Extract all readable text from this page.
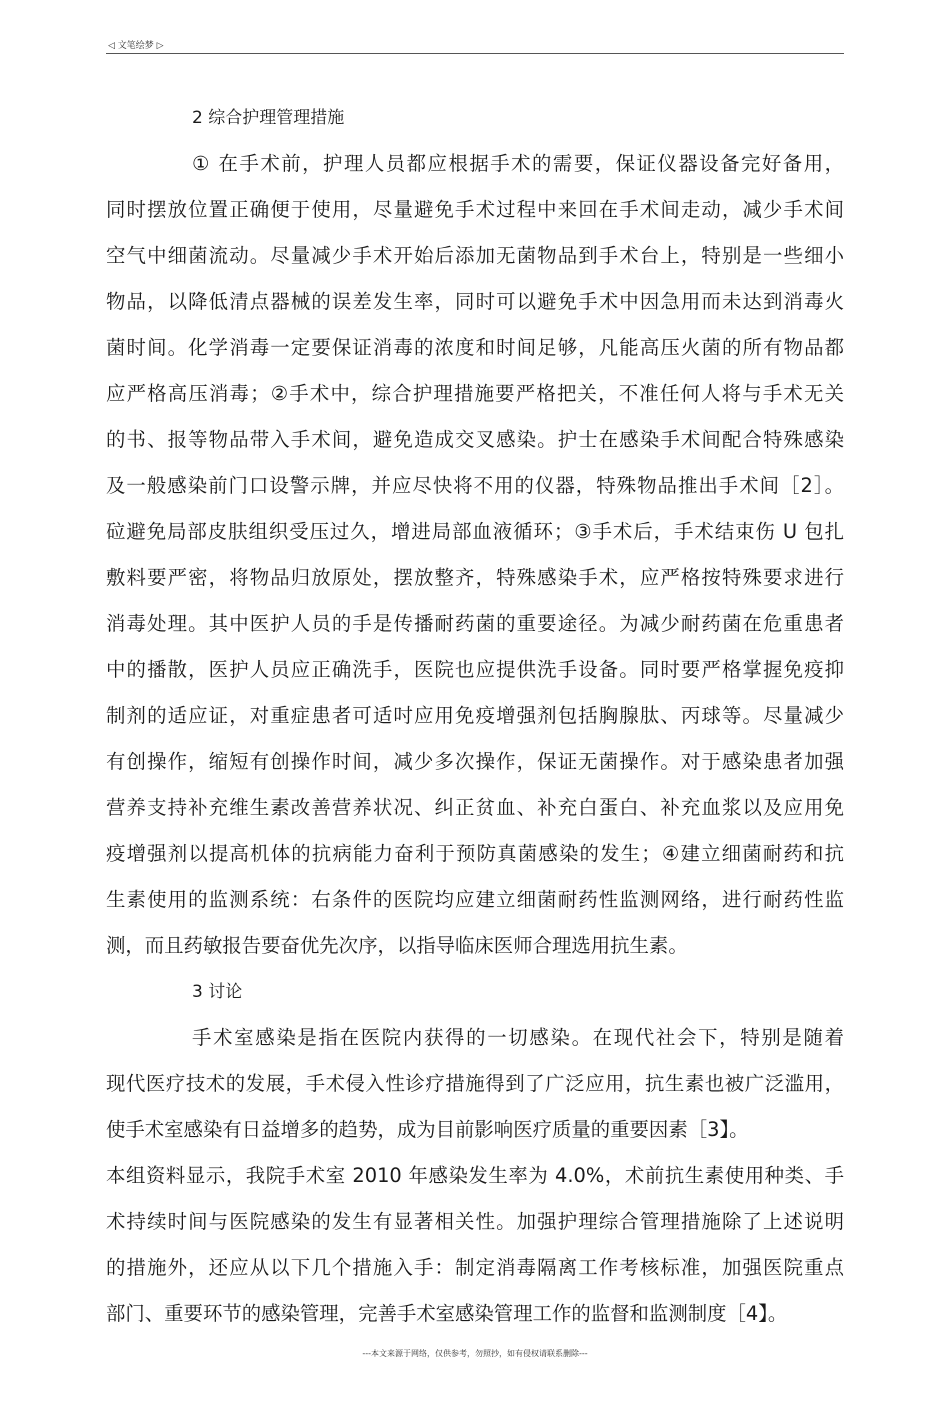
◁ 文笔绘梦 ▷
2 综合护理管理措施
① 在手术前，护理人员都应根据手术的需要，保证仪器设备完好备用，
同时摆放位置正确便于使用，尽量避免手术过程中来回在手术间走动，减少手术间
空气中细菌流动。尽量减少手术开始后添加无菌物品到手术台上，特别是一些细小
物品，以降低清点器械的误差发生率，同时可以避免手术中因急用而未达到消毒火
菌时间。化学消毒一定要保证消毒的浓度和时间足够，凡能高压火菌的所有物品都
应严格高压消毒；②手术中，综合护理措施要严格把关，不准任何人将与手术无关
的书、报等物品带入手术间，避免造成交叉感染。护士在感染手术间配合特殊感染
及一般感染前门口设警示牌，并应尽快将不用的仪器，特殊物品推出手术间［2］。
砬避免局部皮肤组织受压过久，增进局部血液循环；③手术后，手术结束伤 U 包扎
敷料要严密，将物品归放原处，摆放整齐，特殊感染手术，应严格按特殊要求进行
消毒处理。其中医护人员的手是传播耐药菌的重要途径。为减少耐药菌在危重患者
中的播散，医护人员应正确洗手，医院也应提供洗手设备。同时要严格掌握免疫抑
制剂的适应证，对重症患者可适吋应用免疫增强剂包括胸腺肽、丙球等。尽量减少
有创操作，缩短有创操作时间，减少多次操作，保证无菌操作。对于感染患者加强
营养支持补充维生素改善营养状况、纠正贫血、补充白蛋白、补充血浆以及应用免
疫增强剂以提高机体的抗病能力奋利于预防真菌感染的发生；④建立细菌耐药和抗
生素使用的监测系统：右条件的医院均应建立细菌耐药性监测网络，进行耐药性监
测，而且药敏报告要奋优先次序，以指导临床医师合理选用抗生素。
3 讨论
手术室感染是指在医院内获得的一切感染。在现代社会下，特别是随着
现代医疗技术的发展，手术侵入性诊疗措施得到了广泛应用，抗生素也被广泛滥用，
使手术室感染有日益增多的趋势，成为目前影响医疗质量的重要因素［3】。
本组资料显示，我院手术室 2010 年感染发生率为 4.0%，术前抗生素使用种类、手
术持续时间与医院感染的发生有显著相关性。加强护理综合管理措施除了上述说明
的措施外，还应从以下几个措施入手：制定消毒隔离工作考核标准，加强医院重点
部门、重要环节的感染管理，完善手术室感染管理工作的监督和监测制度［4】。
---本文来源于网络，仅供参考，勿照抄，如有侵权请联系删除---
